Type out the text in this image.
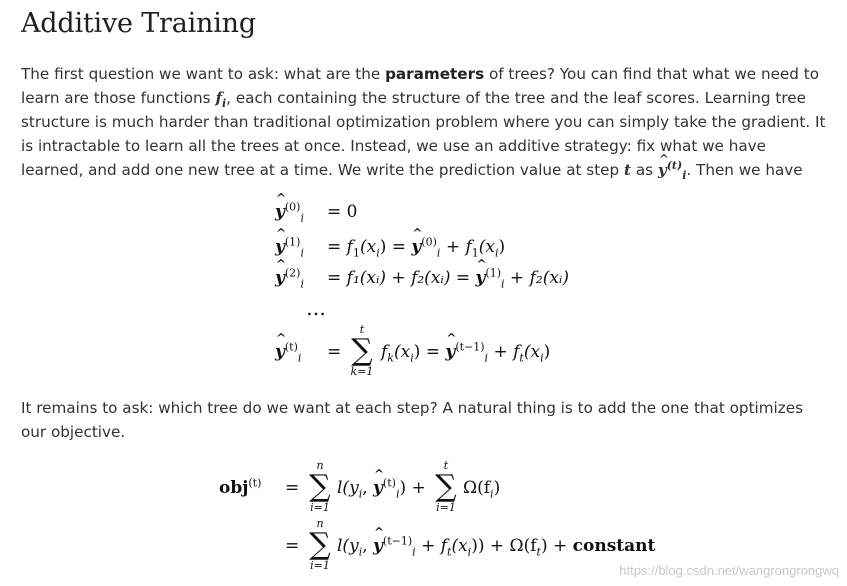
Additive Training
The first question we want to ask: what are the parameters of trees? You can find that what we need to learn are those functions $f_i$, each containing the structure of the tree and the leaf scores. Learning tree structure is much harder than traditional optimization problem where you can simply take the gradient. It is intractable to learn all the trees at once. Instead, we use an additive strategy: fix what we have learned, and add one new tree at a time. We write the prediction value at step t as ^ $y^{(t)}_i$. Then we have
^ $y^{(0)}_i = 0$
^ $y^{(1)}_i = f_1(x_i)$ = ^ $y^{(0)}_i + f_1(x_i)$
^ $y^{(2)}_i$ = f₁(xᵢ) + f₂(xᵢ) = ^ $y^{(1)}_i$ + f₂(xᵢ)
…
^ $y^{(t)}_i$ =
t
∑
k=1
$f_k(x_i)$ = ^ $y^{(t-1)}_i + f_t(x_i)$
It remains to ask: which tree do we want at each step? A natural thing is to add the one that optimizes our objective.
obj$^{(t)}$ =
n
∑
i=1
$l(y_i$, ^ $y^{(t)}_i$) +
t
∑
i=1
$\Omega(f_i)$
=
n
∑
i=1
$l(y_i$, ^ $y^{(t-1)}_i + f_t(x_i)) + \Omega(f_t)$ + constant
https://blog.csdn.net/wangrongrongwq
